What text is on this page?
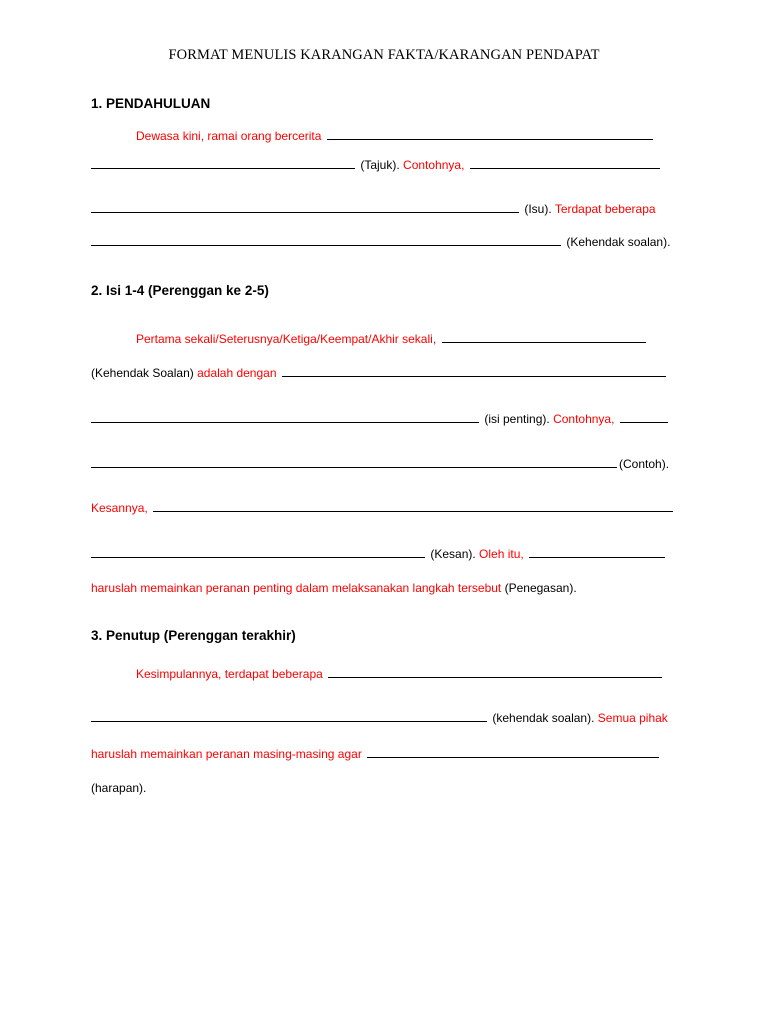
FORMAT MENULIS KARANGAN FAKTA/KARANGAN PENDAPAT
1. PENDAHULUAN
Dewasa kini, ramai orang bercerita
(Tajuk). Contohnya,
(Isu). Terdapat beberapa
(Kehendak soalan).
2. Isi 1-4 (Perenggan ke 2-5)
Pertama sekali/Seterusnya/Ketiga/Keempat/Akhir sekali,
(Kehendak Soalan) adalah dengan
(isi penting). Contohnya,
(Contoh).
Kesannya,
(Kesan). Oleh itu,
haruslah memainkan peranan penting dalam melaksanakan langkah tersebut (Penegasan).
3. Penutup (Perenggan terakhir)
Kesimpulannya, terdapat beberapa
(kehendak soalan). Semua pihak
haruslah memainkan peranan masing-masing agar
(harapan).
